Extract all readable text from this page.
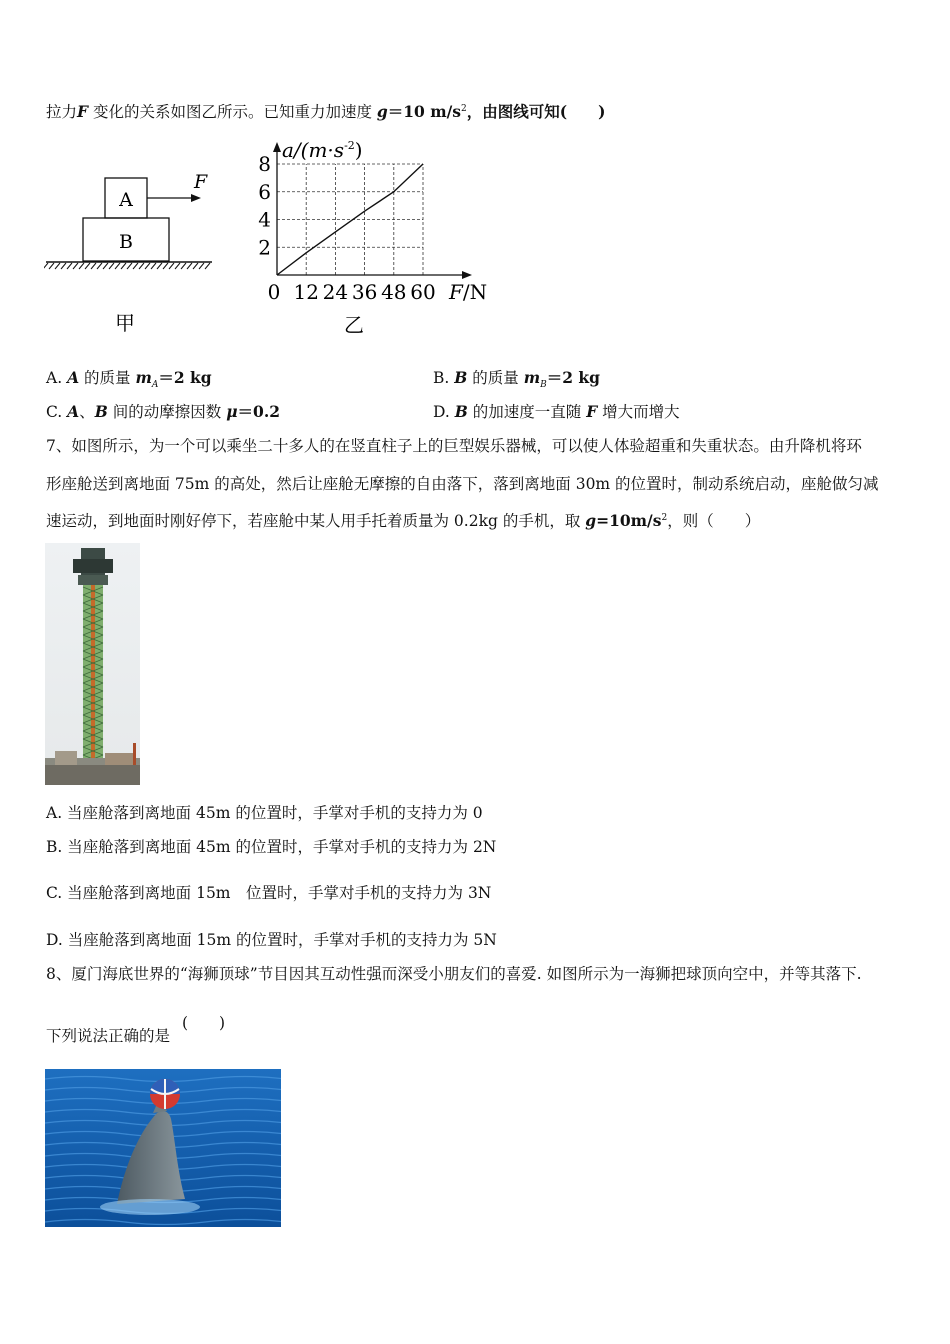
拉力F 变化的关系如图乙所示。已知重力加速度 g＝10 $m/s^2$，由图线可知(　　)
A
B
F
甲
$a/(m\cdot s^{-2})$
F/N
0 12 24 36 48 60
2
4
6
8
乙
A. A 的质量 $m_A=2$ kg	B. B 的质量 $m_B=2$ kg
C. A、B 间的动摩擦因数 μ＝0.2	D. B 的加速度一直随 F 增大而增大
7、如图所示，为一个可以乘坐二十多人的在竖直柱子上的巨型娱乐器械，可以使人体验超重和失重状态。由升降机将环
形座舱送到离地面 75m 的高处，然后让座舱无摩擦的自由落下，落到离地面 30m 的位置时，制动系统启动，座舱做匀减
速运动，到地面时刚好停下，若座舱中某人用手托着质量为 0.2kg 的手机，取 $g=10m/s^2$，则（　　）
A. 当座舱落到离地面 45m 的位置时，手掌对手机的支持力为 0
B. 当座舱落到离地面 45m 的位置时，手掌对手机的支持力为 2N
C. 当座舱落到离地面 15m　位置时，手掌对手机的支持力为 3N
D. 当座舱落到离地面 15m 的位置时，手掌对手机的支持力为 5N
8、厦门海底世界的“海狮顶球”节目因其互动性强而深受小朋友们的喜爱. 如图所示为一海狮把球顶向空中，并等其落下.
下列说法正确的是
(　　)
